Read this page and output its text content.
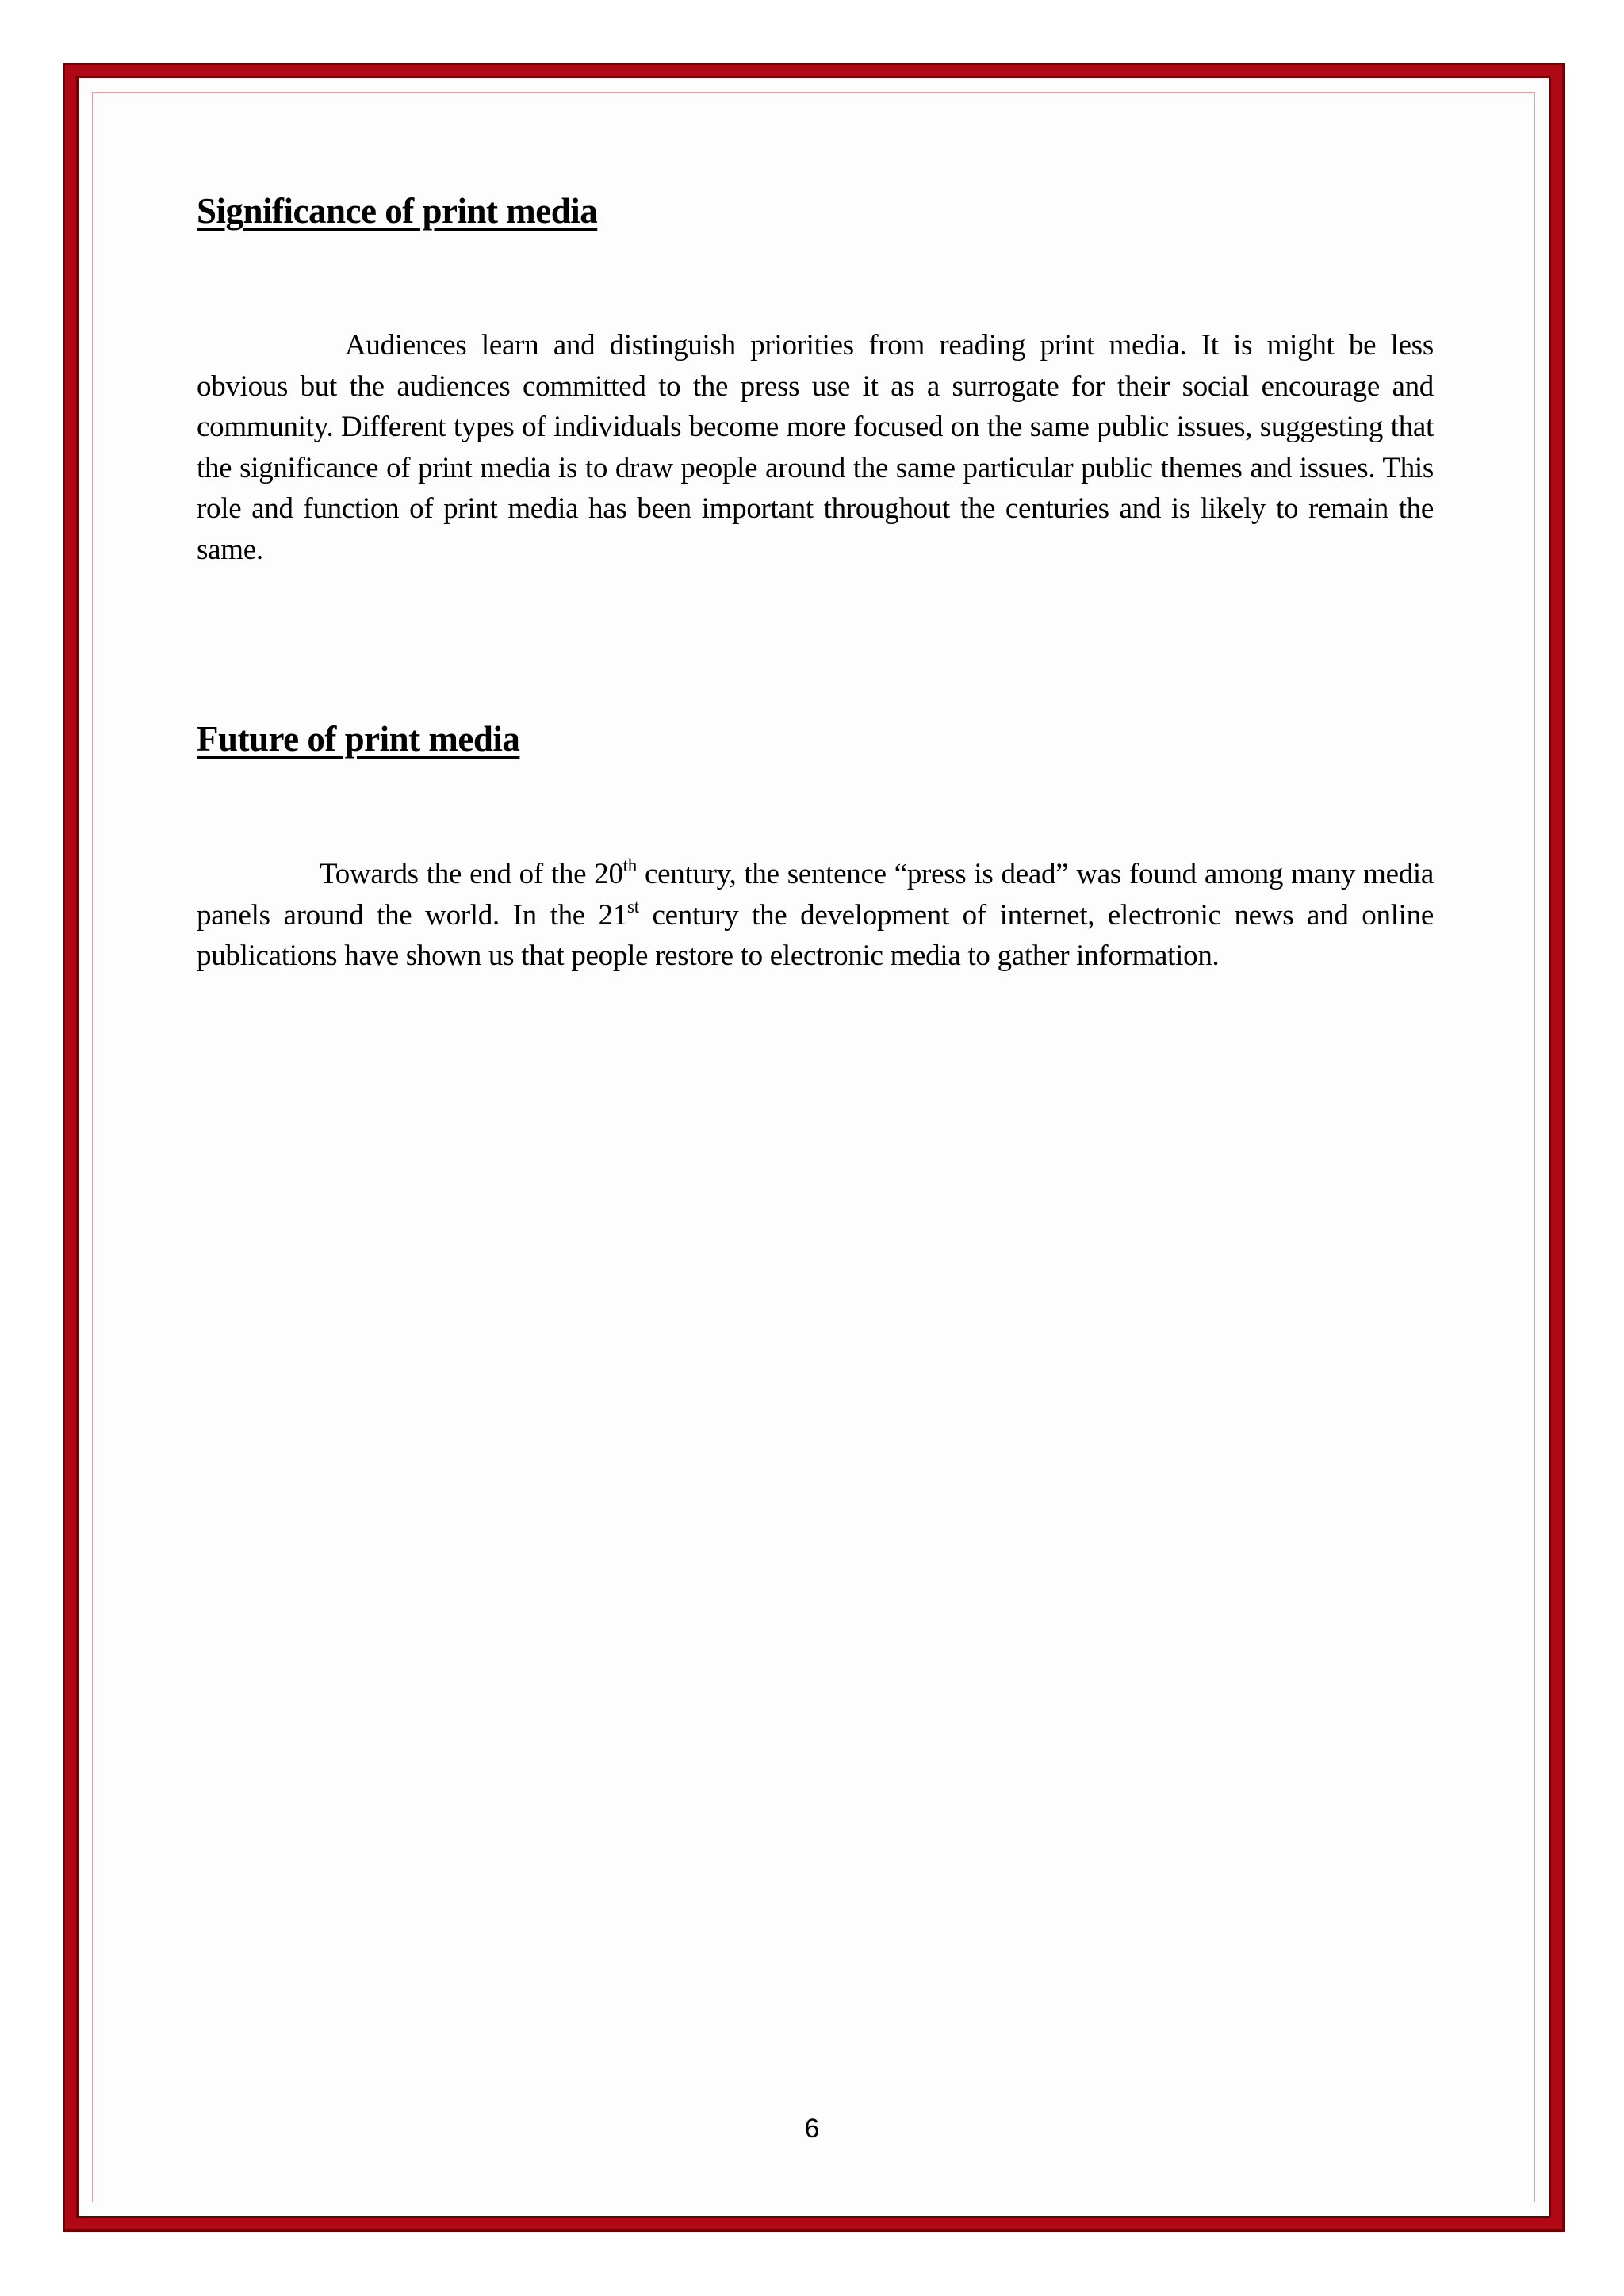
Significance of print media

Audiences learn and distinguish priorities from reading print media. It is might be less obvious but the audiences committed to the press use it as a surrogate for their social encourage and community. Different types of individuals become more focused on the same public issues, suggesting that the significance of print media is to draw people around the same particular public themes and issues. This role and function of print media has been important throughout the centuries and is likely to remain the same.

Future of print media

Towards the end of the 20th century, the sentence “press is dead” was found among many media panels around the world. In the 21st century the development of internet, electronic news and online publications have shown us that people restore to electronic media to gather information.

6
